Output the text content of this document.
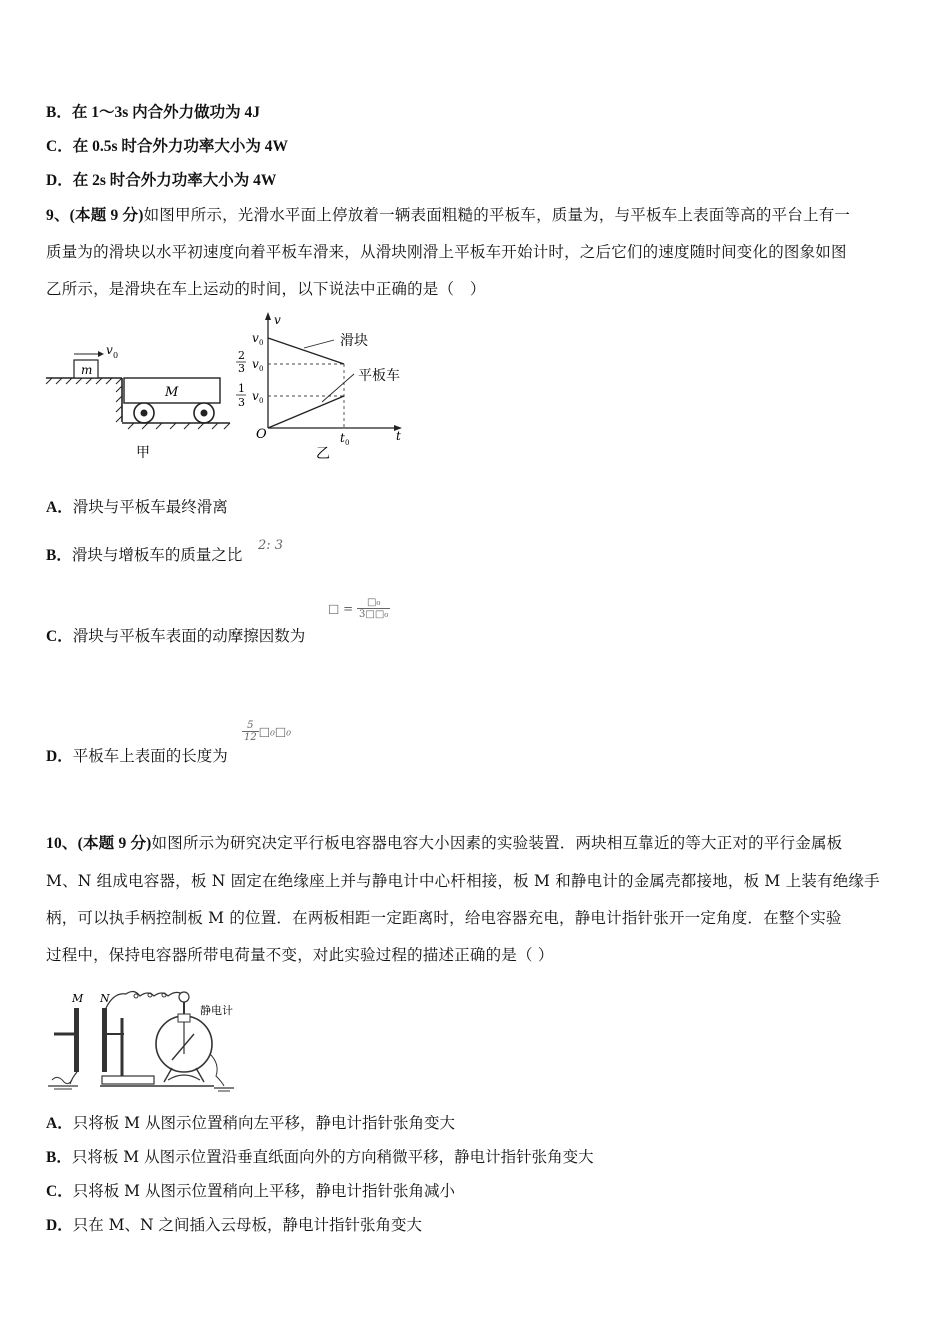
B．在 1～3s 内合外力做功为 4J
C．在 0.5s 时合外力功率大小为 4W
D．在 2s 时合外力功率大小为 4W
9、(本题 9 分)如图甲所示，光滑水平面上停放着一辆表面粗糙的平板车，质量为，与平板车上表面等高的平台上有一
质量为的滑块以水平初速度向着平板车滑来，从滑块刚滑上平板车开始计时，之后它们的速度随时间变化的图象如图
乙所示，是滑块在车上运动的时间，以下说法中正确的是（　）
m
v 0
M
甲
v
t
O
v 0
2
3 v 0
1
3 v 0
滑块
平板车
t 0
乙
A．滑块与平板车最终滑离
B．滑块与增板车的质量之比
2: 3
C．滑块与平板车表面的动摩擦因数为
□ = $\frac{\text{□₀}}{\text{3□□₀}}$
D．平板车上表面的长度为
$\frac{5}{12}$ □₀□₀
10、(本题 9 分)如图所示为研究决定平行板电容器电容大小因素的实验装置．两块相互靠近的等大正对的平行金属板
M、N 组成电容器，板 N 固定在绝缘座上并与静电计中心杆相接，板 M 和静电计的金属壳都接地，板 M 上装有绝缘手
柄，可以执手柄控制板 M 的位置．在两板相距一定距离时，给电容器充电，静电计指针张开一定角度．在整个实验
过程中，保持电容器所带电荷量不变，对此实验过程的描述正确的是（ ）
M N
静电计
A．只将板 M 从图示位置稍向左平移，静电计指针张角变大
B．只将板 M 从图示位置沿垂直纸面向外的方向稍微平移，静电计指针张角变大
C．只将板 M 从图示位置稍向上平移，静电计指针张角减小
D．只在 M、N 之间插入云母板，静电计指针张角变大
